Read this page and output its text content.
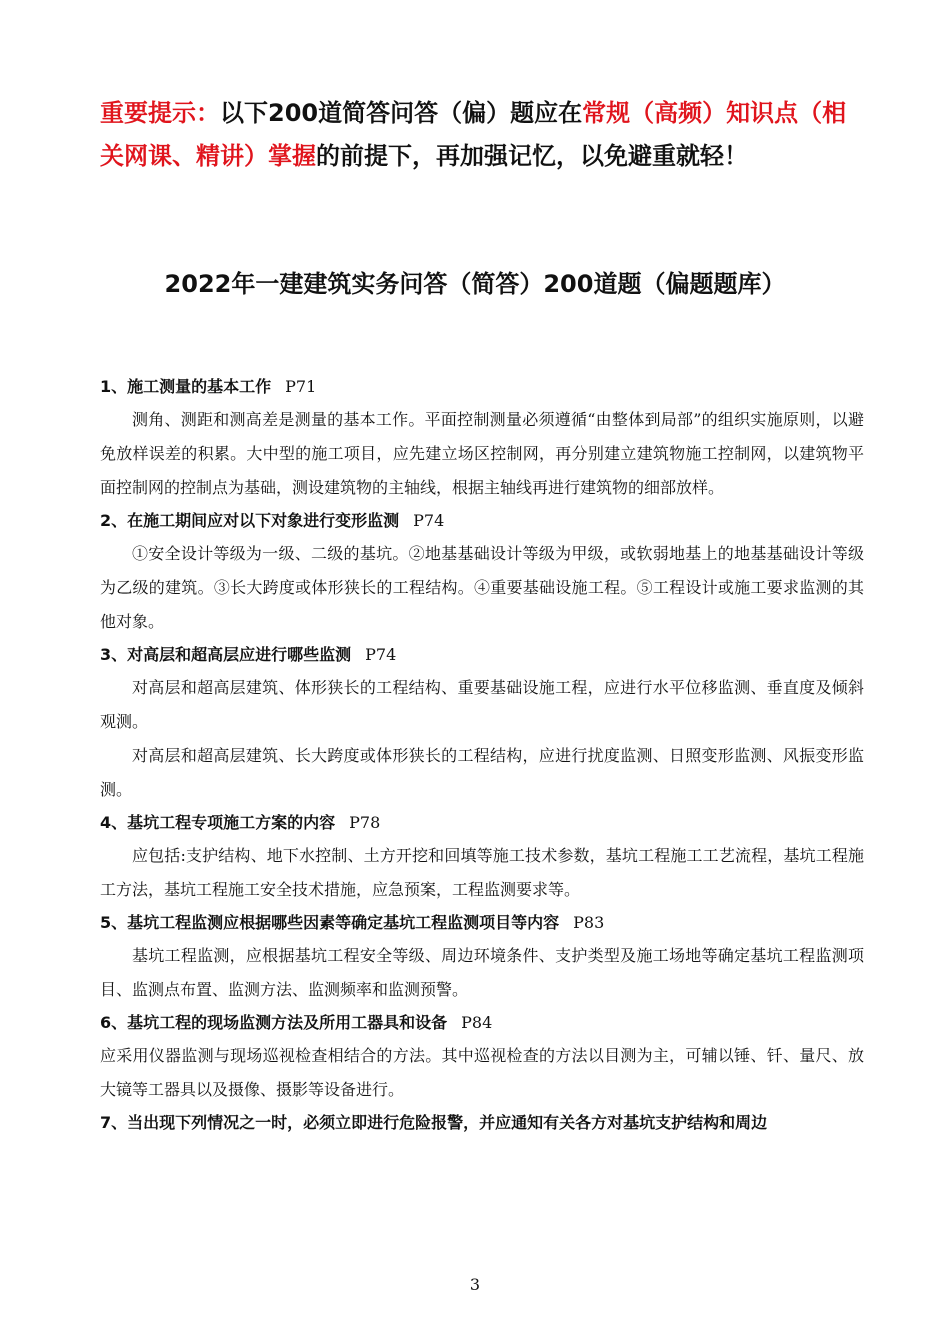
重要提示：以下200道简答问答（偏）题应在常规（高频）知识点（相关网课、精讲）掌握的前提下，再加强记忆，以免避重就轻！
2022年一建建筑实务问答（简答）200道题（偏题题库）
1、施工测量的基本工作 P71
测角、测距和测高差是测量的基本工作。平面控制测量必须遵循“由整体到局部”的组织实施原则，以避免放样误差的积累。大中型的施工项目，应先建立场区控制网，再分别建立建筑物施工控制网，以建筑物平面控制网的控制点为基础，测设建筑物的主轴线，根据主轴线再进行建筑物的细部放样。
2、在施工期间应对以下对象进行变形监测 P74
①安全设计等级为一级、二级的基坑。②地基基础设计等级为甲级，或软弱地基上的地基基础设计等级为乙级的建筑。③长大跨度或体形狭长的工程结构。④重要基础设施工程。⑤工程设计或施工要求监测的其他对象。
3、对高层和超高层应进行哪些监测 P74
对高层和超高层建筑、体形狭长的工程结构、重要基础设施工程，应进行水平位移监测、垂直度及倾斜观测。
对高层和超高层建筑、长大跨度或体形狭长的工程结构，应进行扰度监测、日照变形监测、风振变形监测。
4、基坑工程专项施工方案的内容 P78
应包括:支护结构、地下水控制、土方开挖和回填等施工技术参数，基坑工程施工工艺流程，基坑工程施工方法，基坑工程施工安全技术措施，应急预案，工程监测要求等。
5、基坑工程监测应根据哪些因素等确定基坑工程监测项目等内容 P83
基坑工程监测，应根据基坑工程安全等级、周边环境条件、支护类型及施工场地等确定基坑工程监测项目、监测点布置、监测方法、监测频率和监测预警。
6、基坑工程的现场监测方法及所用工器具和设备 P84
应采用仪器监测与现场巡视检查相结合的方法。其中巡视检查的方法以目测为主，可辅以锤、钎、量尺、放大镜等工器具以及摄像、摄影等设备进行。
7、当出现下列情况之一时，必须立即进行危险报警，并应通知有关各方对基坑支护结构和周边
3
